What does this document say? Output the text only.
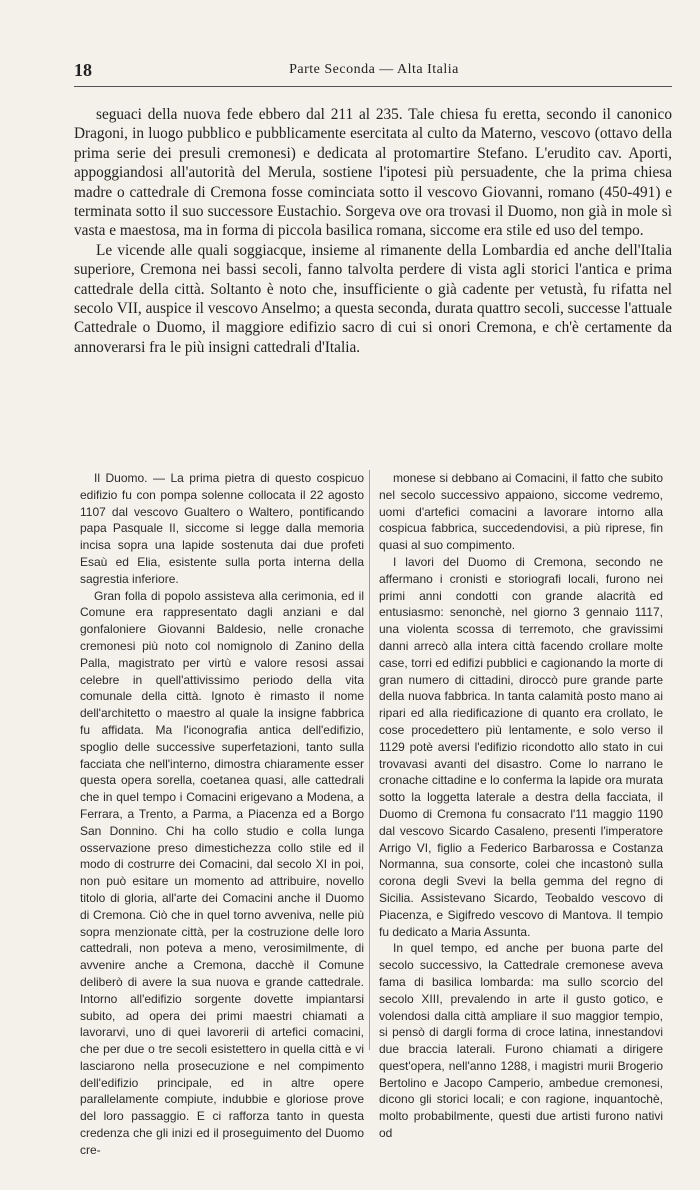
18	Parte Seconda — Alta Italia

seguaci della nuova fede ebbero dal 211 al 235. Tale chiesa fu eretta, secondo il canonico Dragoni, in luogo pubblico e pubblicamente esercitata al culto da Materno, vescovo (ottavo della prima serie dei presuli cremonesi) e dedicata al protomartire Stefano. L'erudito cav. Aporti, appoggiandosi all'autorità del Merula, sostiene l'ipotesi più persuadente, che la prima chiesa madre o cattedrale di Cremona fosse cominciata sotto il vescovo Giovanni, romano (450-491) e terminata sotto il suo successore Eustachio. Sorgeva ove ora trovasi il Duomo, non già in mole sì vasta e maestosa, ma in forma di piccola basilica romana, siccome era stile ed uso del tempo.

Le vicende alle quali soggiacque, insieme al rimanente della Lombardia ed anche dell'Italia superiore, Cremona nei bassi secoli, fanno talvolta perdere di vista agli storici l'antica e prima cattedrale della città. Soltanto è noto che, insufficiente o già cadente per vetustà, fu rifatta nel secolo VII, auspice il vescovo Anselmo; a questa seconda, durata quattro secoli, successe l'attuale Cattedrale o Duomo, il maggiore edifizio sacro di cui si onori Cremona, e ch'è certamente da annoverarsi fra le più insigni cattedrali d'Italia.

Il Duomo. — La prima pietra di questo cospicuo edifizio fu con pompa solenne collocata il 22 agosto 1107 dal vescovo Gualtero o Waltero, pontificando papa Pasquale II, siccome si legge dalla memoria incisa sopra una lapide sostenuta dai due profeti Esaù ed Elia, esistente sulla porta interna della sagrestia inferiore.

Gran folla di popolo assisteva alla cerimonia, ed il Comune era rappresentato dagli anziani e dal gonfaloniere Giovanni Baldesio, nelle cronache cremonesi più noto col nomignolo di Zanino della Palla, magistrato per virtù e valore resosi assai celebre in quell'attivissimo periodo della vita comunale della città. Ignoto è rimasto il nome dell'architetto o maestro al quale la insigne fabbrica fu affidata. Ma l'iconografia antica dell'edifizio, spoglio delle successive superfetazioni, tanto sulla facciata che nell'interno, dimostra chiaramente esser questa opera sorella, coetanea quasi, alle cattedrali che in quel tempo i Comacini erigevano a Modena, a Ferrara, a Trento, a Parma, a Piacenza ed a Borgo San Donnino. Chi ha collo studio e colla lunga osservazione preso dimestichezza collo stile ed il modo di costrurre dei Comacini, dal secolo XI in poi, non può esitare un momento ad attribuire, novello titolo di gloria, all'arte dei Comacini anche il Duomo di Cremona. Ciò che in quel torno avveniva, nelle più sopra menzionate città, per la costruzione delle loro cattedrali, non poteva a meno, verosimilmente, di avvenire anche a Cremona, dacchè il Comune deliberò di avere la sua nuova e grande cattedrale. Intorno all'edifizio sorgente dovette impiantarsi subito, ad opera dei primi maestri chiamati a lavorarvi, uno di quei lavorerii di artefici comacini, che per due o tre secoli esistettero in quella città e vi lasciarono nella prosecuzione e nel compimento dell'edifizio principale, ed in altre opere parallelamente compiute, indubbie e gloriose prove del loro passaggio. E ci rafforza tanto in questa credenza che gli inizi ed il proseguimento del Duomo cre-

monese si debbano ai Comacini, il fatto che subito nel secolo successivo appaiono, siccome vedremo, uomi d'artefici comacini a lavorare intorno alla cospicua fabbrica, succedendovisi, a più riprese, fin quasi al suo compimento.

I lavori del Duomo di Cremona, secondo ne affermano i cronisti e storiografi locali, furono nei primi anni condotti con grande alacrità ed entusiasmo: senonchè, nel giorno 3 gennaio 1117, una violenta scossa di terremoto, che gravissimi danni arrecò alla intera città facendo crollare molte case, torri ed edifizi pubblici e cagionando la morte di gran numero di cittadini, diroccò pure grande parte della nuova fabbrica. In tanta calamità posto mano ai ripari ed alla riedificazione di quanto era crollato, le cose procedettero più lentamente, e solo verso il 1129 potè aversi l'edifizio ricondotto allo stato in cui trovavasi avanti del disastro. Come lo narrano le cronache cittadine e lo conferma la lapide ora murata sotto la loggetta laterale a destra della facciata, il Duomo di Cremona fu consacrato l'11 maggio 1190 dal vescovo Sicardo Casaleno, presenti l'imperatore Arrigo VI, figlio a Federico Barbarossa e Costanza Normanna, sua consorte, colei che incastonò sulla corona degli Svevi la bella gemma del regno di Sicilia. Assistevano Sicardo, Teobaldo vescovo di Piacenza, e Sigifredo vescovo di Mantova. Il tempio fu dedicato a Maria Assunta.

In quel tempo, ed anche per buona parte del secolo successivo, la Cattedrale cremonese aveva fama di basilica lombarda: ma sullo scorcio del secolo XIII, prevalendo in arte il gusto gotico, e volendosi dalla città ampliare il suo maggior tempio, si pensò di dargli forma di croce latina, innestandovi due braccia laterali. Furono chiamati a dirigere quest'opera, nell'anno 1288, i magistri murii Brogerio Bertolino e Jacopo Camperio, ambedue cremonesi, dicono gli storici locali; e con ragione, inquantochè, molto probabilmente, questi due artisti furono nativi od
